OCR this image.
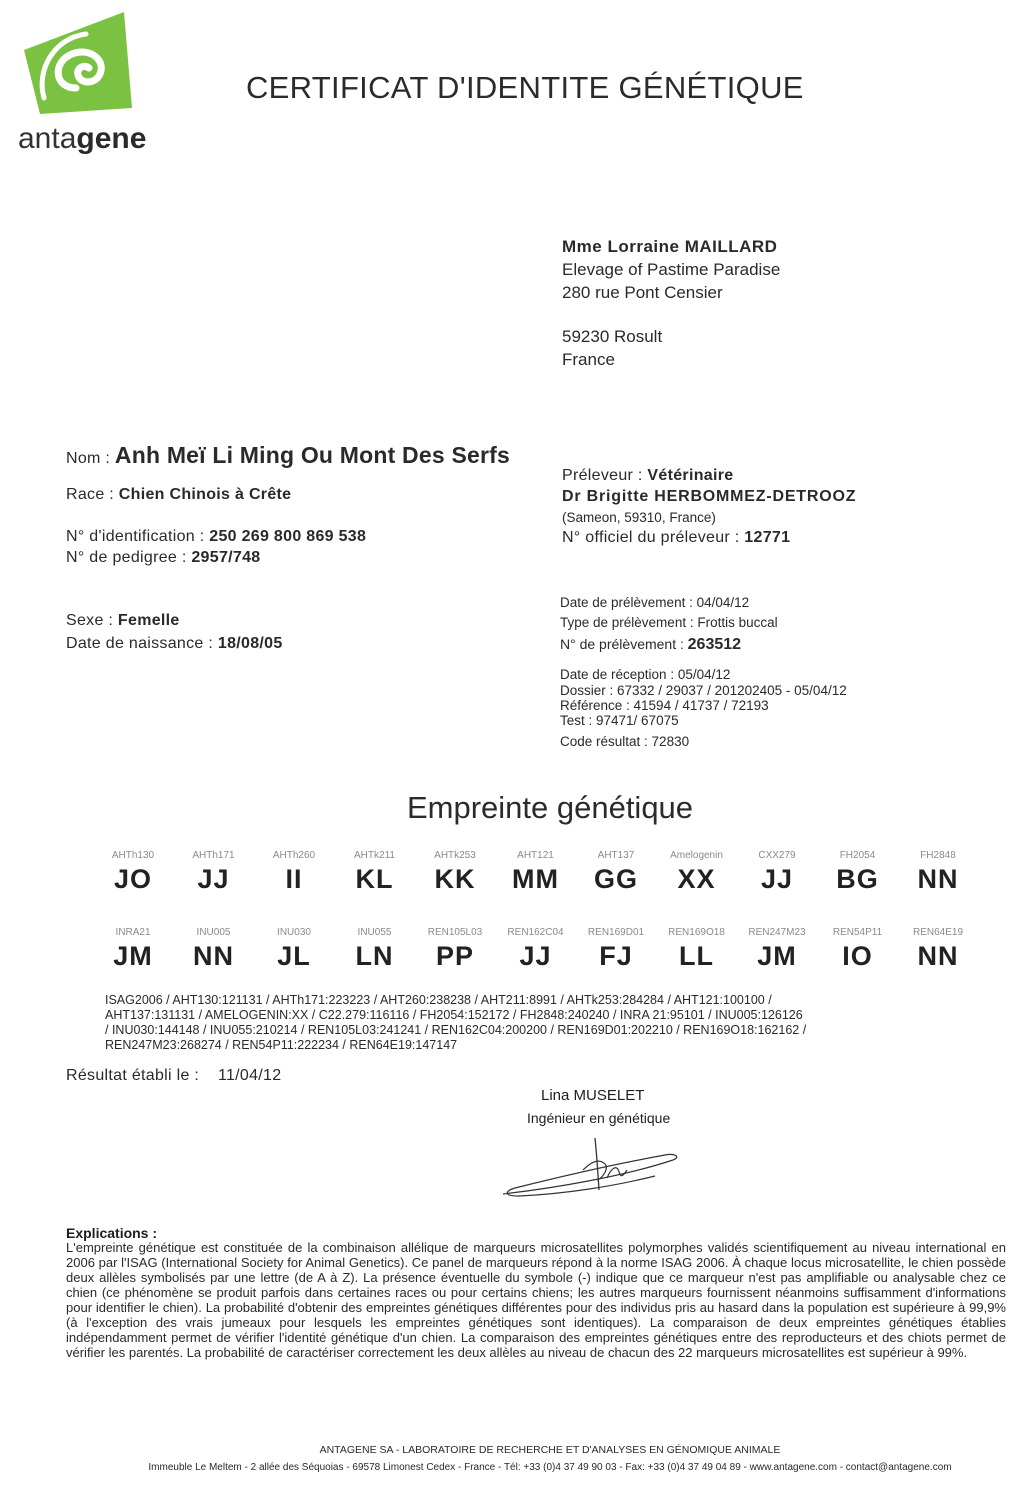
antagene
CERTIFICAT D'IDENTITE GÉNÉTIQUE
Mme Lorraine MAILLARD
Elevage of Pastime Paradise
280 rue Pont Censier
59230 Rosult
France
Nom : Anh Meï Li Ming Ou Mont Des Serfs
Race : Chien Chinois à Crête
N° d'identification : 250 269 800 869 538
N° de pedigree : 2957/748
Sexe : Femelle
Date de naissance : 18/08/05
Préleveur : Vétérinaire
Dr Brigitte HERBOMMEZ-DETROOZ
(Sameon, 59310, France)
N° officiel du préleveur : 12771
Date de prélèvement : 04/04/12
Type de prélèvement : Frottis buccal
N° de prélèvement : 263512
Date de réception : 05/04/12
Dossier : 67332 / 29037 / 201202405 - 05/04/12
Référence : 41594 / 41737 / 72193
Test : 97471/ 67075
Code résultat : 72830
Empreinte génétique
AHTh130
JO
AHTh171
JJ
AHTh260
II
AHTk211
KL
AHTk253
KK
AHT121
MM
AHT137
GG
Amelogenin
XX
CXX279
JJ
FH2054
BG
FH2848
NN
INRA21
JM
INU005
NN
INU030
JL
INU055
LN
REN105L03
PP
REN162C04
JJ
REN169D01
FJ
REN169O18
LL
REN247M23
JM
REN54P11
IO
REN64E19
NN
ISAG2006 / AHT130:121131 / AHTh171:223223 / AHT260:238238 / AHT211:8991 / AHTk253:284284 / AHT121:100100 /
AHT137:131131 / AMELOGENIN:XX / C22.279:116116 / FH2054:152172 / FH2848:240240 / INRA 21:95101 / INU005:126126
/ INU030:144148 / INU055:210214 / REN105L03:241241 / REN162C04:200200 / REN169D01:202210 / REN169O18:162162 /
REN247M23:268274 / REN54P11:222234 / REN64E19:147147
Résultat établi le : 11/04/12
Lina MUSELET
Ingénieur en génétique
Explications :
L'empreinte génétique est constituée de la combinaison allélique de marqueurs microsatellites polymorphes validés scientifiquement au niveau international en 2006 par l'ISAG (International Society for Animal Genetics). Ce panel de marqueurs répond à la norme ISAG 2006. À chaque locus microsatellite, le chien possède deux allèles symbolisés par une lettre (de A à Z). La présence éventuelle du symbole (-) indique que ce marqueur n'est pas amplifiable ou analysable chez ce chien (ce phénomène se produit parfois dans certaines races ou pour certains chiens; les autres marqueurs fournissent néanmoins suffisamment d'informations pour identifier le chien). La probabilité d'obtenir des empreintes génétiques différentes pour des individus pris au hasard dans la population est supérieure à 99,9% (à l'exception des vrais jumeaux pour lesquels les empreintes génétiques sont identiques). La comparaison de deux empreintes génétiques établies indépendamment permet de vérifier l'identité génétique d'un chien. La comparaison des empreintes génétiques entre des reproducteurs et des chiots permet de vérifier les parentés. La probabilité de caractériser correctement les deux allèles au niveau de chacun des 22 marqueurs microsatellites est supérieur à 99%.
ANTAGENE SA - LABORATOIRE DE RECHERCHE ET D'ANALYSES EN GÉNOMIQUE ANIMALE
Immeuble Le Meltem - 2 allée des Séquoias - 69578 Limonest Cedex - France - Tél: +33 (0)4 37 49 90 03 - Fax: +33 (0)4 37 49 04 89 - www.antagene.com - contact@antagene.com
